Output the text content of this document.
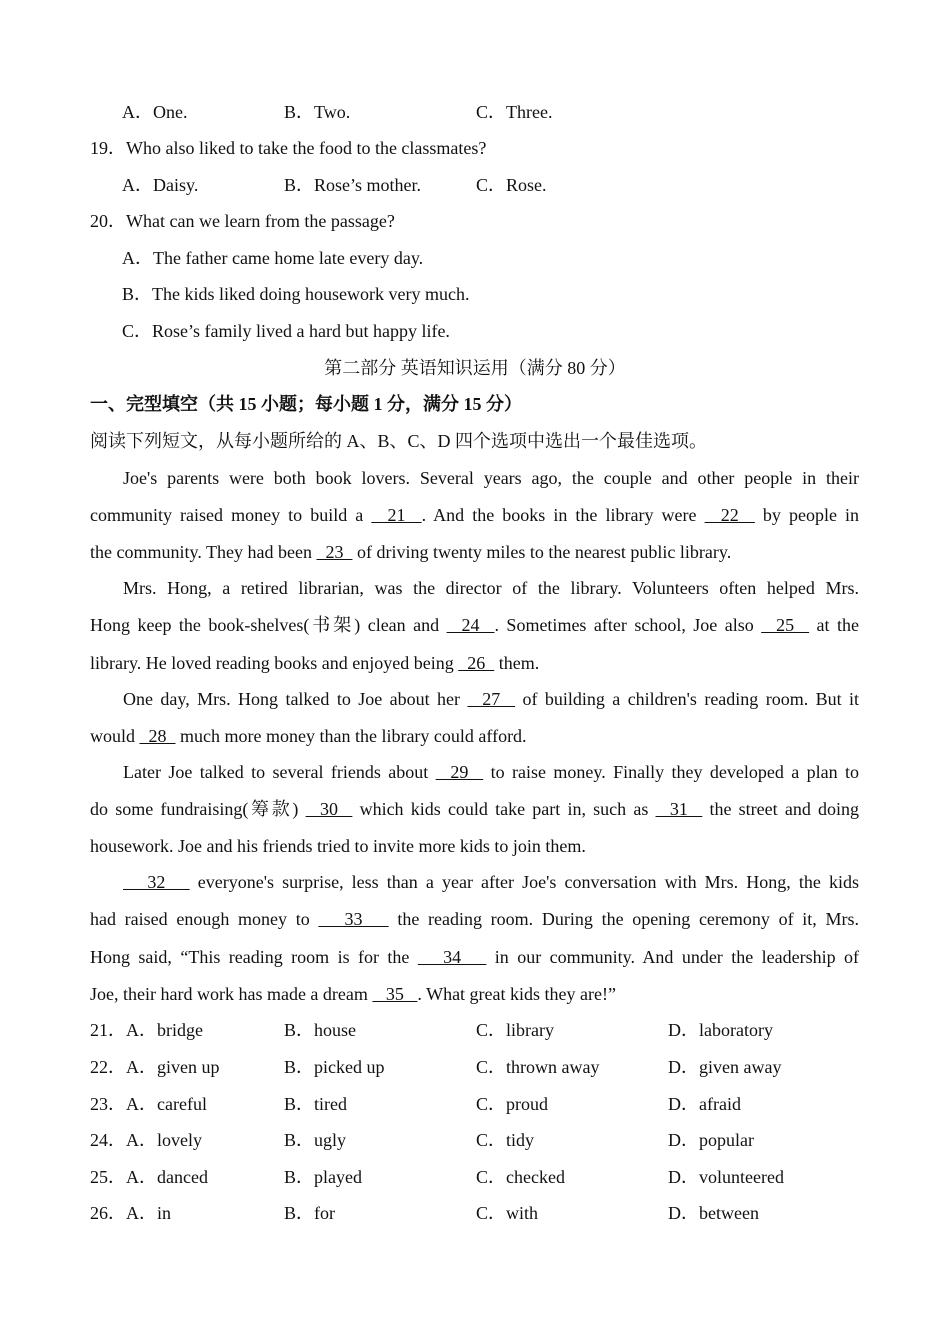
A．One.	B．Two.	C．Three.
19．Who also liked to take the food to the classmates?
A．Daisy.	B．Rose’s mother.	C．Rose.
20．What can we learn from the passage?
A．The father came home late every day.
B．The kids liked doing housework very much.
C．Rose’s family lived a hard but happy life.
第二部分 英语知识运用（满分 80 分）
一、完型填空（共 15 小题；每小题 1 分，满分 15 分）
阅读下列短文，从每小题所给的 A、B、C、D 四个选项中选出一个最佳选项。
Joe's parents were both book lovers. Several years ago, the couple and other people in their
community raised money to build a   21  . And the books in the library were   22   by people in
the community. They had been   23   of driving twenty miles to the nearest public library.
Mrs. Hong, a retired librarian, was the director of the library. Volunteers often helped Mrs.
Hong keep the book-shelves(书架) clean and   24  . Sometimes after school, Joe also   25   at the
library. He loved reading books and enjoyed being   26   them.
One day, Mrs. Hong talked to Joe about her   27   of building a children's reading room. But it
would   28   much more money than the library could afford.
Later Joe talked to several friends about   29   to raise money. Finally they developed a plan to
do some fundraising(筹款)   30   which kids could take part in, such as   31   the street and doing
housework. Joe and his friends tried to invite more kids to join them.
32    everyone's surprise, less than a year after Joe's conversation with Mrs. Hong, the kids
had raised enough money to    33    the reading room. During the opening ceremony of it, Mrs.
Hong said, “This reading room is for the    34    in our community. And under the leadership of
Joe, their hard work has made a dream    35   . What great kids they are!”
21．A．bridge	B．house	C．library	D．laboratory
22．A．given up	B．picked up	C．thrown away	D．given away
23．A．careful	B．tired	C．proud	D．afraid
24．A．lovely	B．ugly	C．tidy	D．popular
25．A．danced	B．played	C．checked	D．volunteered
26．A．in	B．for	C．with	D．between
